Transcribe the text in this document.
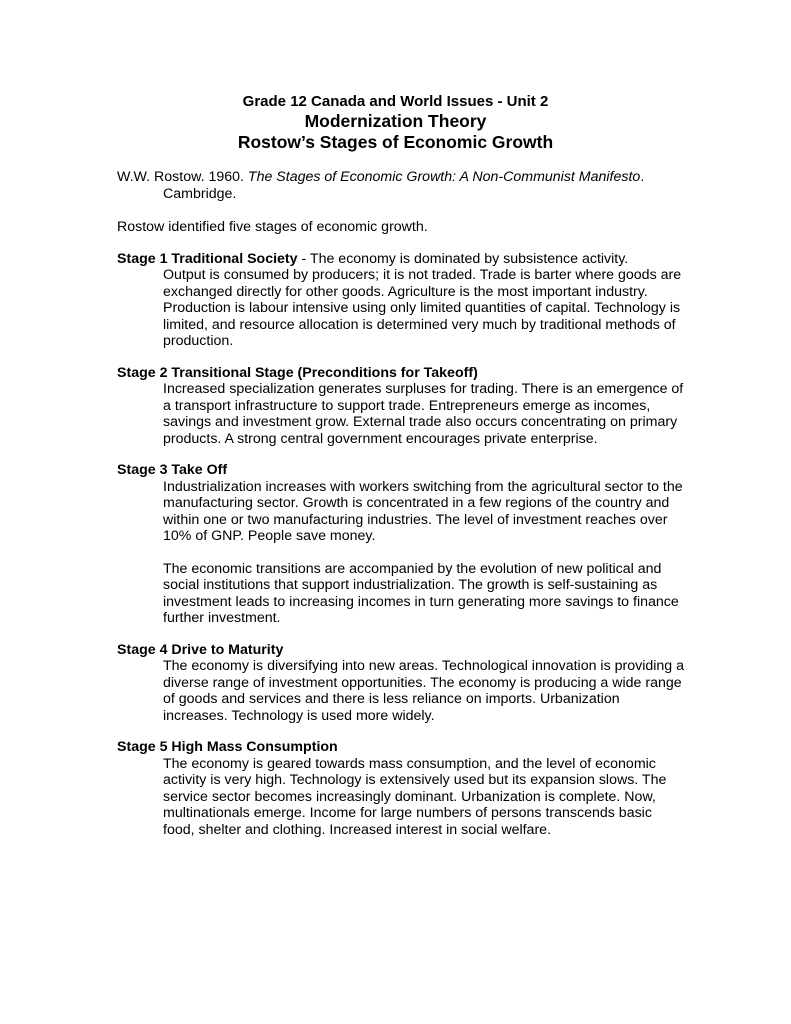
Grade 12 Canada and World Issues - Unit 2
Modernization Theory
Rostow’s Stages of Economic Growth

W.W. Rostow. 1960. The Stages of Economic Growth: A Non-Communist Manifesto.
Cambridge.

Rostow identified five stages of economic growth.

Stage 1 Traditional Society - The economy is dominated by subsistence activity.

Output is consumed by producers; it is not traded. Trade is barter where goods are exchanged directly for other goods. Agriculture is the most important industry. Production is labour intensive using only limited quantities of capital. Technology is limited, and resource allocation is determined very much by traditional methods of production.

Stage 2 Transitional Stage (Preconditions for Takeoff)

Increased specialization generates surpluses for trading. There is an emergence of a transport infrastructure to support trade. Entrepreneurs emerge as incomes, savings and investment grow. External trade also occurs concentrating on primary products. A strong central government encourages private enterprise.

Stage 3 Take Off

Industrialization increases with workers switching from the agricultural sector to the manufacturing sector. Growth is concentrated in a few regions of the country and within one or two manufacturing industries. The level of investment reaches over 10% of GNP. People save money.

The economic transitions are accompanied by the evolution of new political and social institutions that support industrialization. The growth is self-sustaining as investment leads to increasing incomes in turn generating more savings to finance further investment.

Stage 4 Drive to Maturity

The economy is diversifying into new areas. Technological innovation is providing a diverse range of investment opportunities. The economy is producing a wide range of goods and services and there is less reliance on imports. Urbanization increases. Technology is used more widely.

Stage 5 High Mass Consumption

The economy is geared towards mass consumption, and the level of economic activity is very high. Technology is extensively used but its expansion slows. The service sector becomes increasingly dominant. Urbanization is complete. Now, multinationals emerge. Income for large numbers of persons transcends basic food, shelter and clothing. Increased interest in social welfare.
